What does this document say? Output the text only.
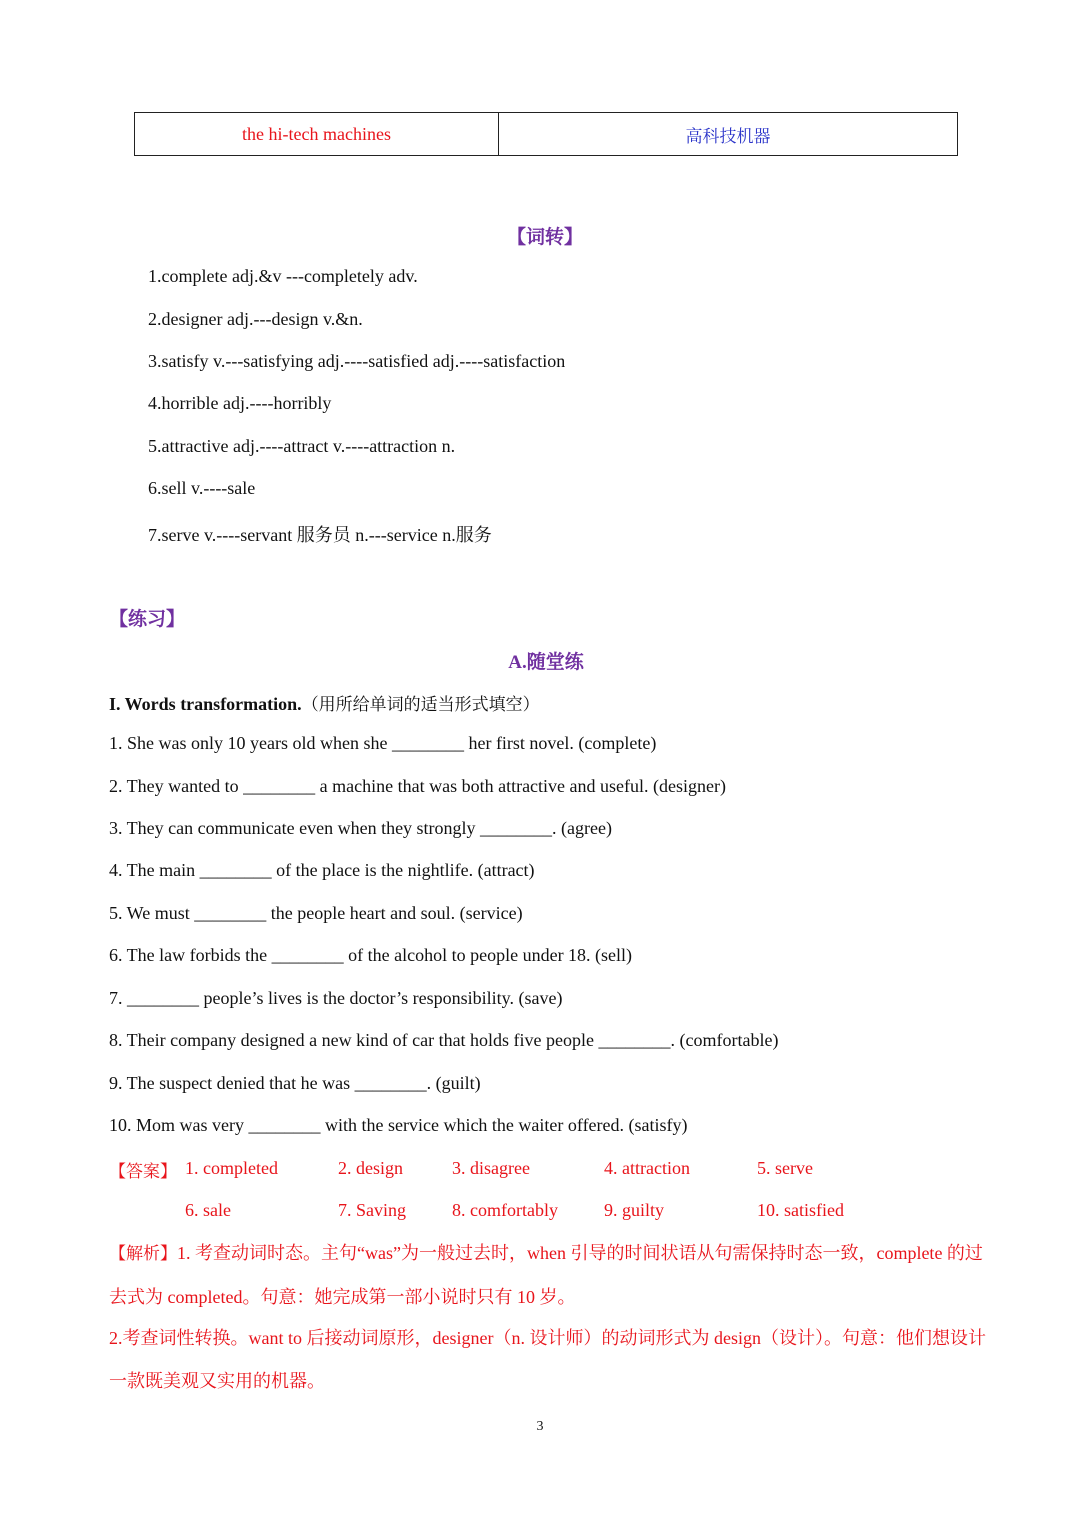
the hi-tech machines	高科技机器
【词转】
1.complete adj.&v ---completely adv.
2.designer adj.---design v.&n.
3.satisfy v.---satisfying adj.----satisfied adj.----satisfaction
4.horrible adj.----horribly
5.attractive adj.----attract v.----attraction n.
6.sell v.----sale
7.serve v.----servant 服务员 n.---service n.服务
【练习】
A.随堂练
I. Words transformation.（用所给单词的适当形式填空）
1. She was only 10 years old when she ________ her first novel. (complete)
2. They wanted to ________ a machine that was both attractive and useful. (designer)
3. They can communicate even when they strongly ________. (agree)
4. The main ________ of the place is the nightlife. (attract)
5. We must ________ the people heart and soul. (service)
6. The law forbids the ________ of the alcohol to people under 18. (sell)
7. ________ people’s lives is the doctor’s responsibility. (save)
8. Their company designed a new kind of car that holds five people ________. (comfortable)
9. The suspect denied that he was ________. (guilt)
10. Mom was very ________ with the service which the waiter offered. (satisfy)
【答案】 1. completed	2. design	3. disagree	4. attraction	5. serve
6. sale	7. Saving	8. comfortably	9. guilty	10. satisfied
【解析】1. 考查动词时态。主句“was”为一般过去时，when 引导的时间状语从句需保持时态一致，complete 的过去式为 completed。句意：她完成第一部小说时只有 10 岁。
2.考查词性转换。want to 后接动词原形，designer（n. 设计师）的动词形式为 design（设计）。句意：他们想设计一款既美观又实用的机器。
3
